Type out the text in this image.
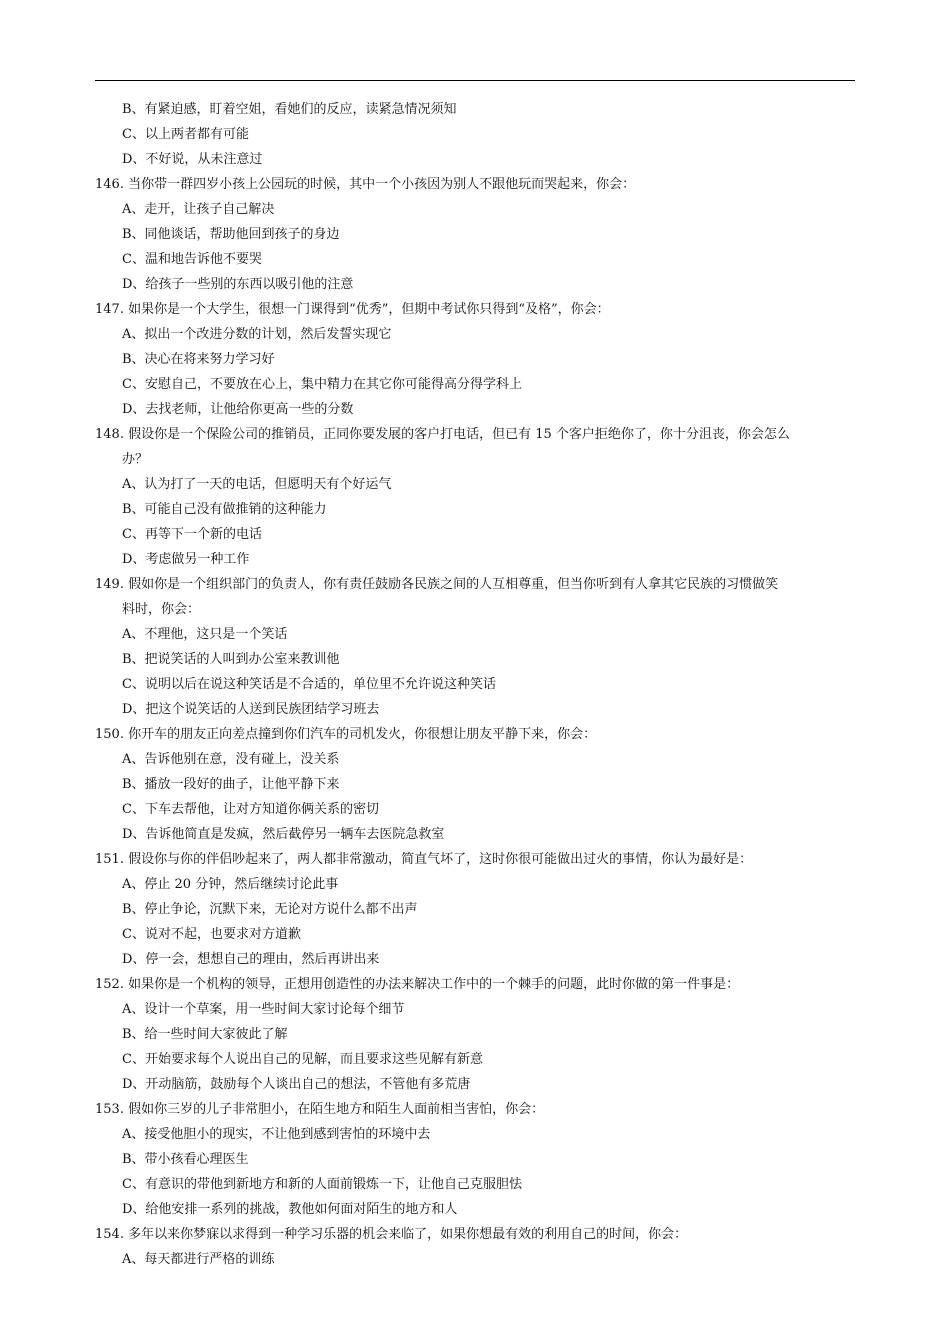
B、有紧迫感，盯着空姐，看她们的反应，读紧急情况须知
C、以上两者都有可能
D、不好说，从未注意过
146. 当你带一群四岁小孩上公园玩的时候，其中一个小孩因为别人不跟他玩而哭起来，你会：
A、走开，让孩子自己解决
B、同他谈话，帮助他回到孩子的身边
C、温和地告诉他不要哭
D、给孩子一些别的东西以吸引他的注意
147. 如果你是一个大学生，很想一门课得到“优秀”，但期中考试你只得到“及格”，你会：
A、拟出一个改进分数的计划，然后发誓实现它
B、决心在将来努力学习好
C、安慰自己，不要放在心上，集中精力在其它你可能得高分得学科上
D、去找老师，让他给你更高一些的分数
148. 假设你是一个保险公司的推销员，正同你要发展的客户打电话，但已有 15 个客户拒绝你了，你十分沮丧，你会怎么
办？
A、认为打了一天的电话，但愿明天有个好运气
B、可能自己没有做推销的这种能力
C、再等下一个新的电话
D、考虑做另一种工作
149. 假如你是一个组织部门的负责人，你有责任鼓励各民族之间的人互相尊重，但当你听到有人拿其它民族的习惯做笑
料时，你会：
A、不理他，这只是一个笑话
B、把说笑话的人叫到办公室来教训他
C、说明以后在说这种笑话是不合适的，单位里不允许说这种笑话
D、把这个说笑话的人送到民族团结学习班去
150. 你开车的朋友正向差点撞到你们汽车的司机发火，你很想让朋友平静下来，你会：
A、告诉他别在意，没有碰上，没关系
B、播放一段好的曲子，让他平静下来
C、下车去帮他，让对方知道你俩关系的密切
D、告诉他简直是发疯，然后截停另一辆车去医院急救室
151. 假设你与你的伴侣吵起来了，两人都非常激动，简直气坏了，这时你很可能做出过火的事情，你认为最好是：
A、停止 20 分钟，然后继续讨论此事
B、停止争论，沉默下来，无论对方说什么都不出声
C、说对不起，也要求对方道歉
D、停一会，想想自己的理由，然后再讲出来
152. 如果你是一个机构的领导，正想用创造性的办法来解决工作中的一个棘手的问题，此时你做的第一件事是：
A、设计一个草案，用一些时间大家讨论每个细节
B、给一些时间大家彼此了解
C、开始要求每个人说出自己的见解，而且要求这些见解有新意
D、开动脑筋，鼓励每个人谈出自己的想法，不管他有多荒唐
153. 假如你三岁的儿子非常胆小，在陌生地方和陌生人面前相当害怕，你会：
A、接受他胆小的现实，不让他到感到害怕的环境中去
B、带小孩看心理医生
C、有意识的带他到新地方和新的人面前锻炼一下，让他自己克服胆怯
D、给他安排一系列的挑战，教他如何面对陌生的地方和人
154. 多年以来你梦寐以求得到一种学习乐器的机会来临了，如果你想最有效的利用自己的时间，你会：
A、每天都进行严格的训练
